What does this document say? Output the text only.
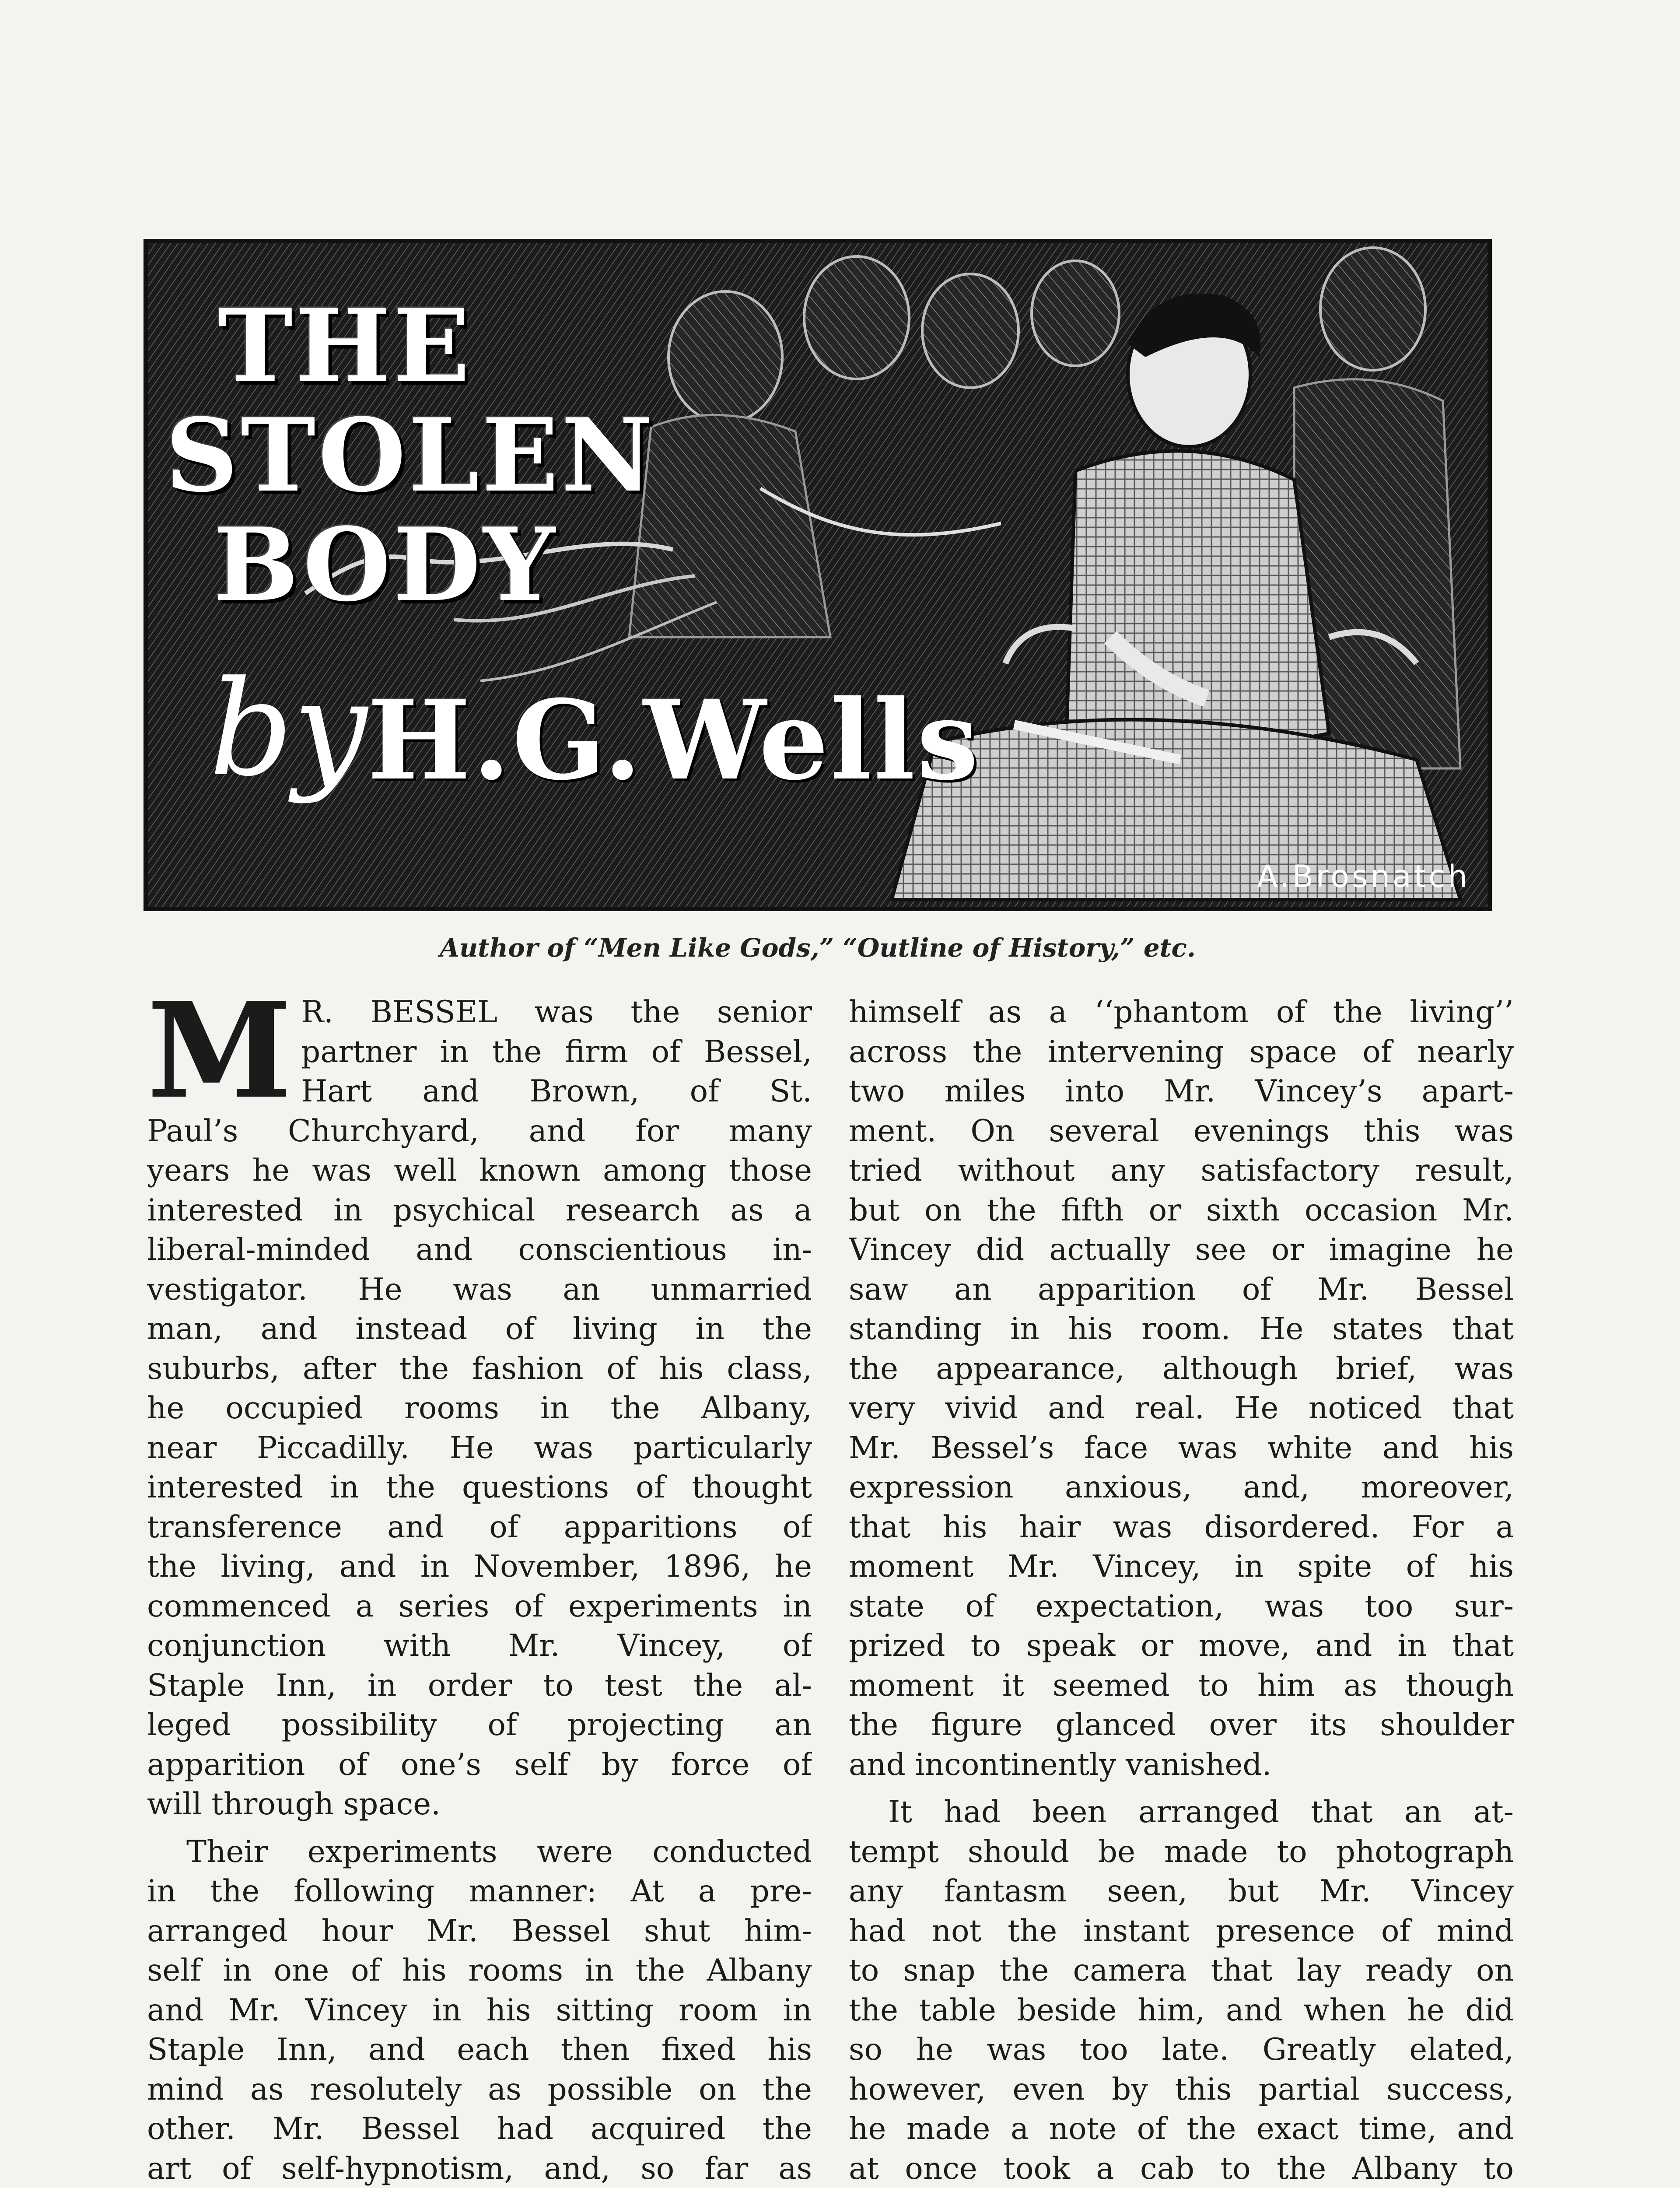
THE
STOLEN
BODY
byH.G.Wells
A.Brosnatch
Author of “Men Like Gods,” “Outline of History,” etc.
M R. BESSEL was the senior
partner in the firm of Bessel,
Hart and Brown, of St.
Paul’s Churchyard, and for many
years he was well known among those
interested in psychical research as a
liberal-minded and conscientious in-
vestigator. He was an unmarried
man, and instead of living in the
suburbs, after the fashion of his class,
he occupied rooms in the Albany,
near Piccadilly. He was particularly
interested in the questions of thought
transference and of apparitions of
the living, and in November, 1896, he
commenced a series of experiments in
conjunction with Mr. Vincey, of
Staple Inn, in order to test the al-
leged possibility of projecting an
apparition of one’s self by force of
will through space.
Their experiments were conducted
in the following manner: At a pre-
arranged hour Mr. Bessel shut him-
self in one of his rooms in the Albany
and Mr. Vincey in his sitting room in
Staple Inn, and each then fixed his
mind as resolutely as possible on the
other. Mr. Bessel had acquired the
art of self-hypnotism, and, so far as
himself as a ‘‘phantom of the living’’
across the intervening space of nearly
two miles into Mr. Vincey’s apart-
ment. On several evenings this was
tried without any satisfactory result,
but on the fifth or sixth occasion Mr.
Vincey did actually see or imagine he
saw an apparition of Mr. Bessel
standing in his room. He states that
the appearance, although brief, was
very vivid and real. He noticed that
Mr. Bessel’s face was white and his
expression anxious, and, moreover,
that his hair was disordered. For a
moment Mr. Vincey, in spite of his
state of expectation, was too sur-
prized to speak or move, and in that
moment it seemed to him as though
the figure glanced over its shoulder
and incontinently vanished.
It had been arranged that an at-
tempt should be made to photograph
any fantasm seen, but Mr. Vincey
had not the instant presence of mind
to snap the camera that lay ready on
the table beside him, and when he did
so he was too late. Greatly elated,
however, even by this partial success,
he made a note of the exact time, and
at once took a cab to the Albany to
